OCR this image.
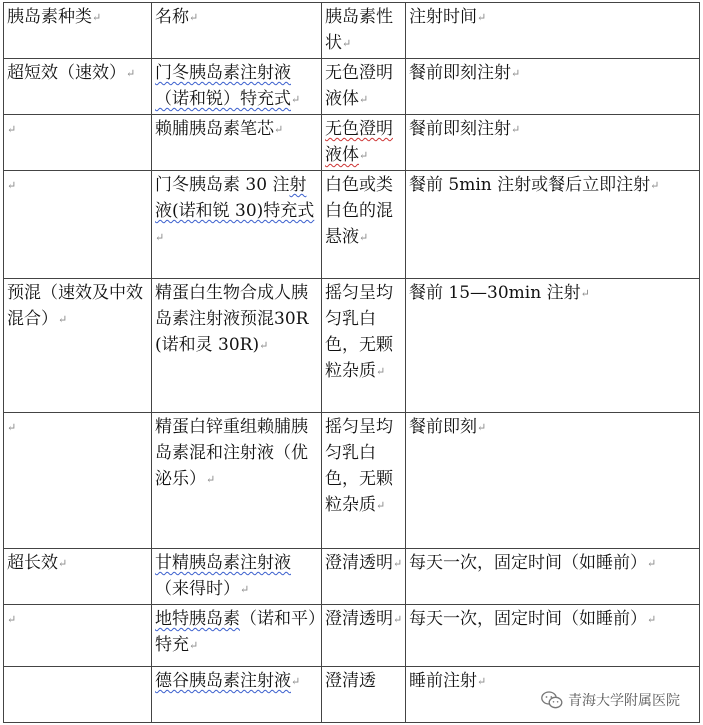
胰岛素种类↵	名称↵	胰岛素性状↵	注射时间↵
超短效（速效）↵	门冬胰岛素注射液（诺和锐）特充式↵	无色澄明液体↵	餐前即刻注射↵
↵	赖脯胰岛素笔芯↵	无色澄明液体↵	餐前即刻注射↵
↵	门冬胰岛素 30 注射液(诺和锐 30)特充式↵	白色或类白色的混悬液↵	餐前 5min 注射或餐后立即注射↵
预混（速效及中效混合）↵	精蛋白生物合成人胰岛素注射液预混30R(诺和灵 30R)↵	摇匀呈均匀乳白色，无颗粒杂质↵	餐前 15—30min 注射↵
↵	精蛋白锌重组赖脯胰岛素混和注射液（优泌乐）↵	摇匀呈均匀乳白色，无颗粒杂质↵	餐前即刻↵
超长效↵	甘精胰岛素注射液（来得时）↵	澄清透明↵	每天一次，固定时间（如睡前）↵
↵	地特胰岛素（诺和平）特充↵	澄清透明↵	每天一次，固定时间（如睡前）↵
	德谷胰岛素注射液↵	澄清透	睡前注射↵
青海大学附属医院
